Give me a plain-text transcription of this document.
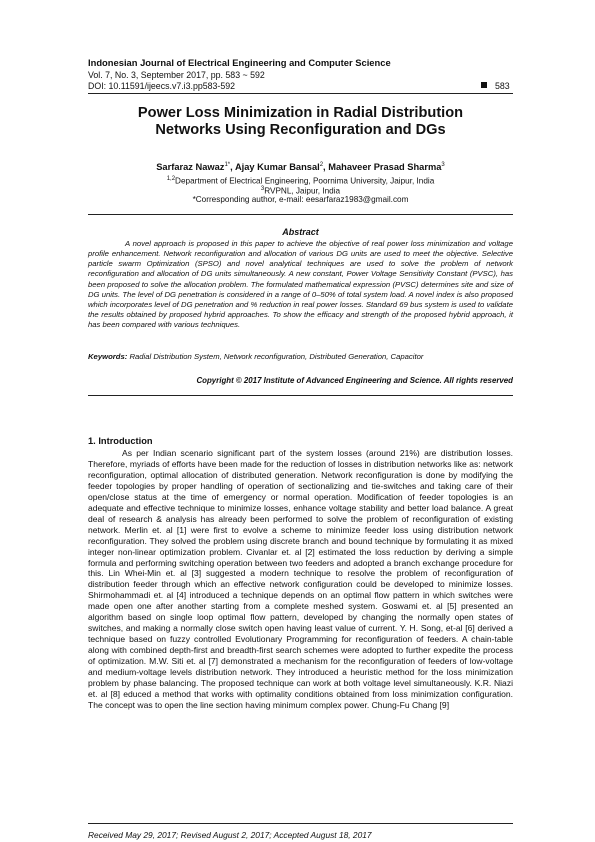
Indonesian Journal of Electrical Engineering and Computer Science
Vol. 7, No. 3, September 2017, pp. 583 ~ 592
DOI: 10.11591/ijeecs.v7.i3.pp583-592	583
Power Loss Minimization in Radial Distribution
Networks Using Reconfiguration and DGs
Sarfaraz Nawaz$^{1*}$, Ajay Kumar Bansal$^2$, Mahaveer Prasad Sharma$^3$
$^{1,2}$Department of Electrical Engineering, Poornima University, Jaipur, India
$^3$RVPNL, Jaipur, India
*Corresponding author, e-mail: eesarfaraz1983@gmail.com
Abstract

A novel approach is proposed in this paper to achieve the objective of real power loss minimization and voltage profile enhancement. Network reconfiguration and allocation of various DG units are used to meet the objective. Selective particle swarm Optimization (SPSO) and novel analytical techniques are used to solve the problem of network reconfiguration and allocation of DG units simultaneously. A new constant, Power Voltage Sensitivity Constant (PVSC), has been proposed to solve the allocation problem. The formulated mathematical expression (PVSC) determines site and size of DG units. The level of DG penetration is considered in a range of 0–50% of total system load. A novel index is also proposed which incorporates level of DG penetration and % reduction in real power losses. Standard 69 bus system is used to validate the results obtained by proposed hybrid approaches. To show the efficacy and strength of the proposed hybrid approach, it has been compared with various techniques.

Keywords: Radial Distribution System, Network reconfiguration, Distributed Generation, Capacitor
Copyright © 2017 Institute of Advanced Engineering and Science. All rights reserved
1. Introduction

As per Indian scenario significant part of the system losses (around 21%) are distribution losses. Therefore, myriads of efforts have been made for the reduction of losses in distribution networks like as: network reconfiguration, optimal allocation of distributed generation. Network reconfiguration is done by modifying the feeder topologies by proper handling of operation of sectionalizing and tie-switches and taking care of their open/close status at the time of emergency or normal operation. Modification of feeder topologies is an adequate and effective technique to minimize losses, enhance voltage stability and better load balance. A great deal of research & analysis has already been performed to solve the problem of reconfiguration of existing network. Merlin et. al [1] were first to evolve a scheme to minimize feeder loss using distribution network reconfiguration. They solved the problem using discrete branch and bound technique by formulating it as mixed integer non-linear optimization problem. Civanlar et. al [2] estimated the loss reduction by deriving a simple formula and performing switching operation between two feeders and adopted a branch exchange procedure for this. Lin Whei-Min et. al [3] suggested a modern technique to resolve the problem of reconfiguration of distribution feeder through which an effective network configuration could be developed to minimize losses. Shirmohammadi et. al [4] introduced a technique depends on an optimal flow pattern in which switches were made open one after another starting from a complete meshed system. Goswami et. al [5] presented an algorithm based on single loop optimal flow pattern, developed by changing the normally open states of switches, and making a normally close switch open having least value of current. Y. H. Song, et-al [6] derived a technique based on fuzzy controlled Evolutionary Programming for reconfiguration of feeders. A chain-table along with combined depth-first and breadth-first search schemes were adopted to further expedite the process of optimization. M.W. Siti et. al [7] demonstrated a mechanism for the reconfiguration of feeders of low-voltage and medium-voltage levels distribution network. They introduced a heuristic method for the loss minimization problem by phase balancing. The proposed technique can work at both voltage level simultaneously. K.R. Niazi et. al [8] educed a method that works with optimality conditions obtained from loss minimization configuration. The concept was to open the line section having minimum complex power. Chung-Fu Chang [9]

Received May 29, 2017; Revised August 2, 2017; Accepted August 18, 2017
